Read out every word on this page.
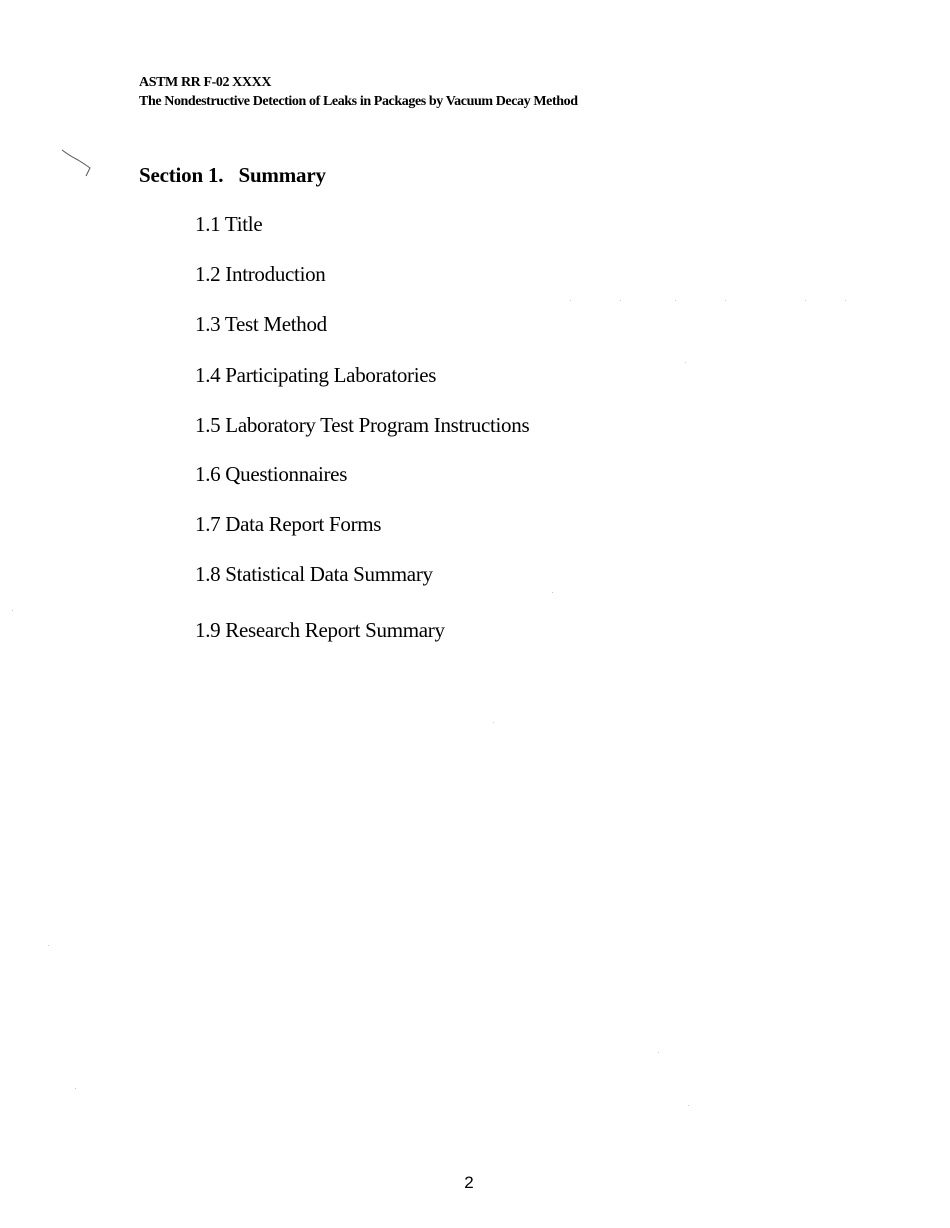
ASTM RR F-02 XXXX
The Nondestructive Detection of Leaks in Packages by Vacuum Decay Method
Section 1.   Summary
1.1 Title
1.2 Introduction
1.3 Test Method
1.4 Participating Laboratories
1.5 Laboratory Test Program Instructions
1.6 Questionnaires
1.7 Data Report Forms
1.8 Statistical Data Summary
1.9 Research Report Summary
2
